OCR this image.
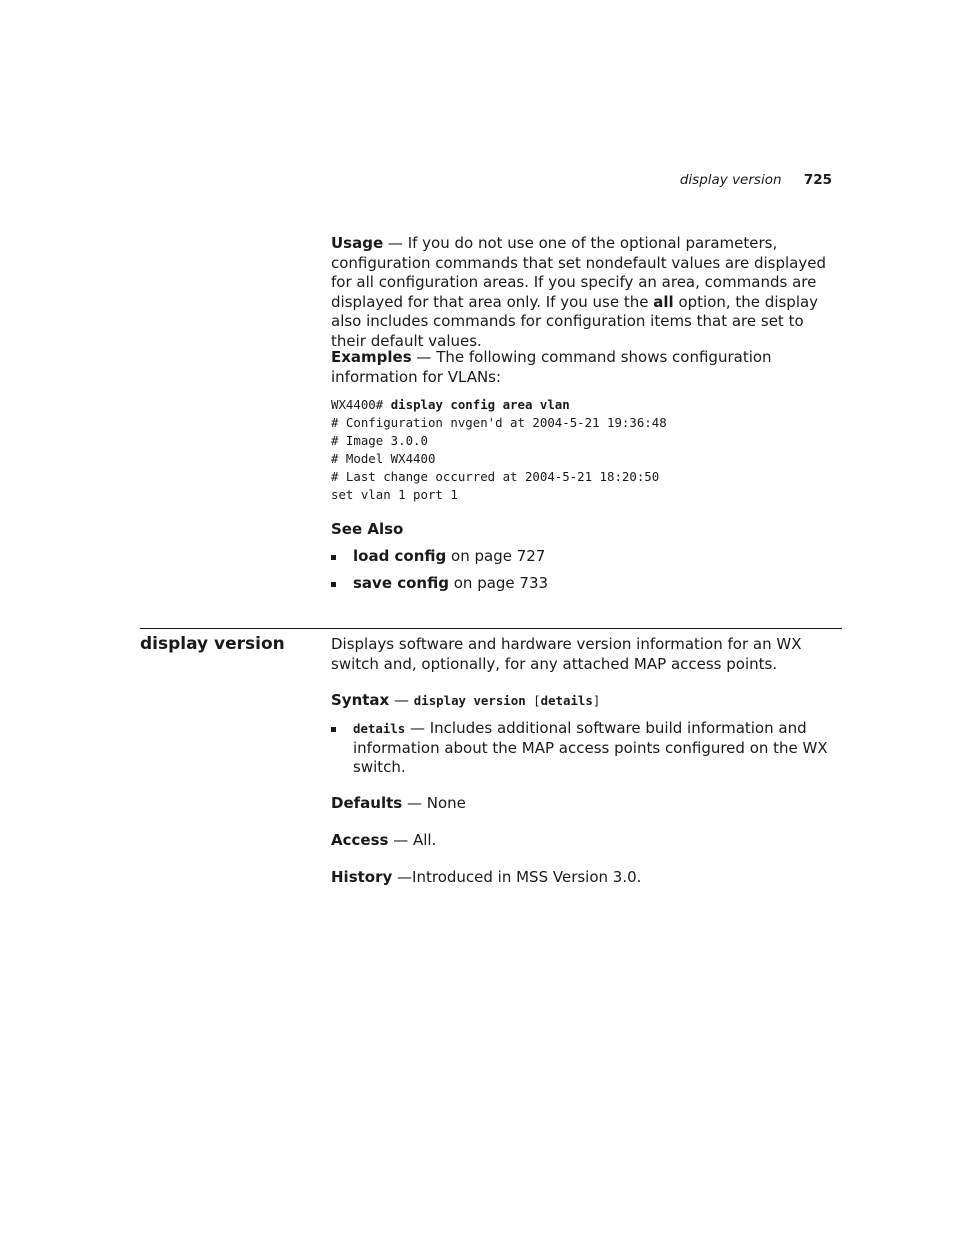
display version 725

Usage — If you do not use one of the optional parameters, configuration commands that set nondefault values are displayed for all configuration areas. If you specify an area, commands are displayed for that area only. If you use the all option, the display also includes commands for configuration items that are set to their default values.

Examples — The following command shows configuration information for VLANs:

WX4400# display config area vlan
# Configuration nvgen'd at 2004-5-21 19:36:48
# Image 3.0.0
# Model WX4400
# Last change occurred at 2004-5-21 18:20:50
set vlan 1 port 1
See Also
load config on page 727
save config on page 733
display version	Displays software and hardware version information for an WX switch and, optionally, for any attached MAP access points.

Syntax — display version [details]

details — Includes additional software build information and information about the MAP access points configured on the WX switch.

Defaults — None

Access — All.

History —Introduced in MSS Version 3.0.
